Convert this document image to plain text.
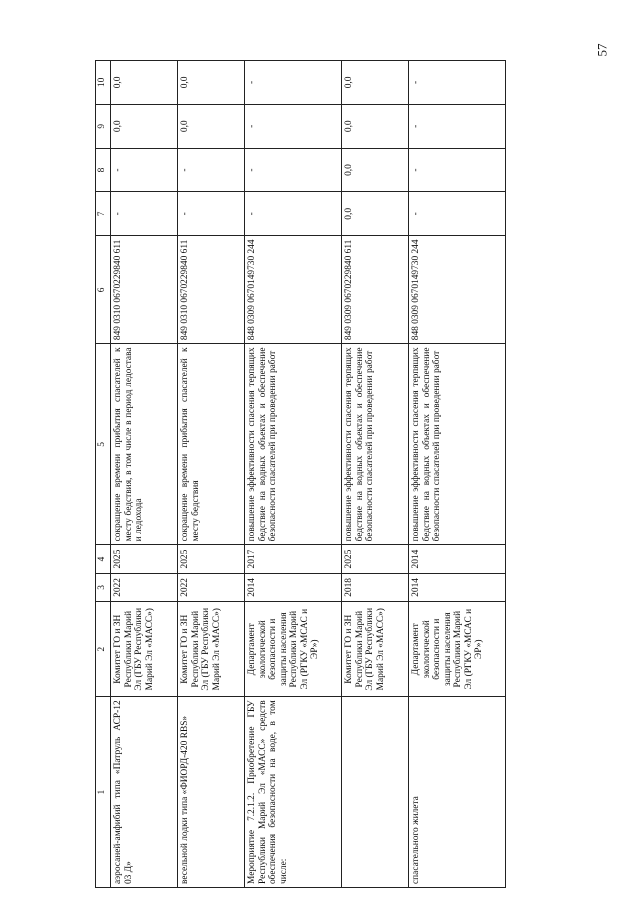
57
1	2	3	4	5	6	7	8	9	10
аэросаней-амфибий типа «Патруль АСР-12 03 Д»	Комитет ГО и ЗН Республики Марий Эл (ГБУ Республики Марий Эл «МАСС»)	2022	2025	сокращение времени прибытия спасателей к месту бедствия, в том числе в период ледостава и ледохода	849 0310 0670229840 611	-	-	0,0	0,0
весельной лодки типа «ФИОРД-420 RBS»	Комитет ГО и ЗН Республики Марий Эл (ГБУ Республики Марий Эл «МАСС»)	2022	2025	сокращение времени прибытия спасателей к месту бедствия	849 0310 0670229840 611	-	-	0,0	0,0
Мероприятие 7.2.1.2. Приобретение ГБУ Республики Марий Эл «МАСС» средств обеспечения безопасности на воде, в том числе:	Департамент экологической безопасности и защиты населения Республики Марий Эл (РГКУ «МСАС и ЭР»)	2014	2017	повышение эффективности спасения терпящих бедствие на водных объектах и обеспечение безопасности спасателей при проведении работ	848 0309 0670149730 244	-	-	-	-
	Комитет ГО и ЗН Республики Марий Эл (ГБУ Республики Марий Эл «МАСС»)	2018	2025	повышение эффективности спасения терпящих бедствие на водных объектах и обеспечение безопасности спасателей при проведении работ	849 0309 0670229840 611	0,0	0,0	0,0	0,0
спасательного жилета	Департамент экологической безопасности и защиты населения Республики Марий Эл (РГКУ «МСАС и ЭР»)	2014	2014	повышение эффективности спасения терпящих бедствие на водных объектах и обеспечение безопасности спасателей при проведении работ	848 0309 0670149730 244	-	-	-	-
